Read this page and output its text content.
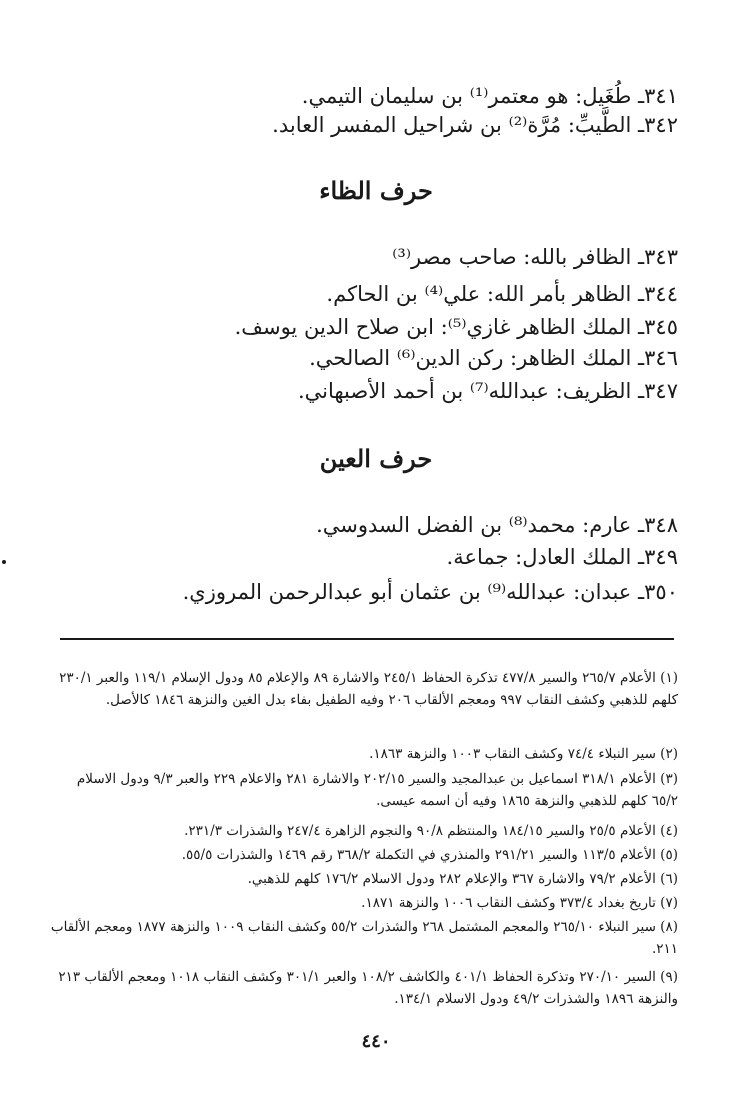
٣٤١ـ طُغَيل: هو معتمر⁽¹⁾ بن سليمان التيمي.
٣٤٢ـ الطَّيبِّ: مُرَّة⁽²⁾ بن شراحيل المفسر العابد.
حرف الظاء
٣٤٣ـ الظافر بالله: صاحب مصر⁽³⁾
٣٤٤ـ الظاهر بأمر الله: علي⁽⁴⁾ بن الحاكم.
٣٤٥ـ الملك الظاهر غازي⁽⁵⁾: ابن صلاح الدين يوسف.
٣٤٦ـ الملك الظاهر: ركن الدين⁽⁶⁾ الصالحي.
٣٤٧ـ الظريف: عبدالله⁽⁷⁾ بن أحمد الأصبهاني.
حرف العين
٣٤٨ـ عارم: محمد⁽⁸⁾ بن الفضل السدوسي.
٣٤٩ـ الملك العادل: جماعة.
٣٥٠ـ عبدان: عبدالله⁽⁹⁾ بن عثمان أبو عبدالرحمن المروزي.
(١) الأعلام ٢٦٥/٧ والسير ٤٧٧/٨ تذكرة الحفاظ ٢٤٥/١ والاشارة ٨٩ والإعلام ٨٥ ودول الإسلام ١١٩/١ والعبر ٢٣٠/١ كلهم للذهبي وكشف النقاب ٩٩٧ ومعجم الألقاب ٢٠٦ وفيه الطفيل بفاء بدل الغين والنزهة ١٨٤٦ كالأصل.
(٢) سير النبلاء ٧٤/٤ وكشف النقاب ١٠٠٣ والنزهة ١٨٦٣.
(٣) الأعلام ٣١٨/١ اسماعيل بن عبدالمجيد والسير ٢٠٢/١٥ والاشارة ٢٨١ والاعلام ٢٢٩ والعبر ٩/٣ ودول الاسلام ٦٥/٢ كلهم للذهبي والنزهة ١٨٦٥ وفيه أن اسمه عيسى.
(٤) الأعلام ٢٥/٥ والسير ١٨٤/١٥ والمنتظم ٩٠/٨ والنجوم الزاهرة ٢٤٧/٤ والشذرات ٢٣١/٣.
(٥) الأعلام ١١٣/٥ والسير ٢٩١/٢١ والمنذري في التكملة ٣٦٨/٢ رقم ١٤٦٩ والشذرات ٥٥/٥.
(٦) الأعلام ٧٩/٢ والاشارة ٣٦٧ والإعلام ٢٨٢ ودول الاسلام ١٧٦/٢ كلهم للذهبي.
(٧) تاريخ بغداد ٣٧٣/٤ وكشف النقاب ١٠٠٦ والنزهة ١٨٧١.
(٨) سير النبلاء ٢٦٥/١٠ والمعجم المشتمل ٢٦٨ والشذرات ٥٥/٢ وكشف النقاب ١٠٠٩ والنزهة ١٨٧٧ ومعجم الألقاب ٢١١.
(٩) السير ٢٧٠/١٠ وتذكرة الحفاظ ٤٠١/١ والكاشف ١٠٨/٢ والعبر ٣٠١/١ وكشف النقاب ١٠١٨ ومعجم الألقاب ٢١٣ والنزهة ١٨٩٦ والشذرات ٤٩/٢ ودول الاسلام ١٣٤/١.
٤٤٠
